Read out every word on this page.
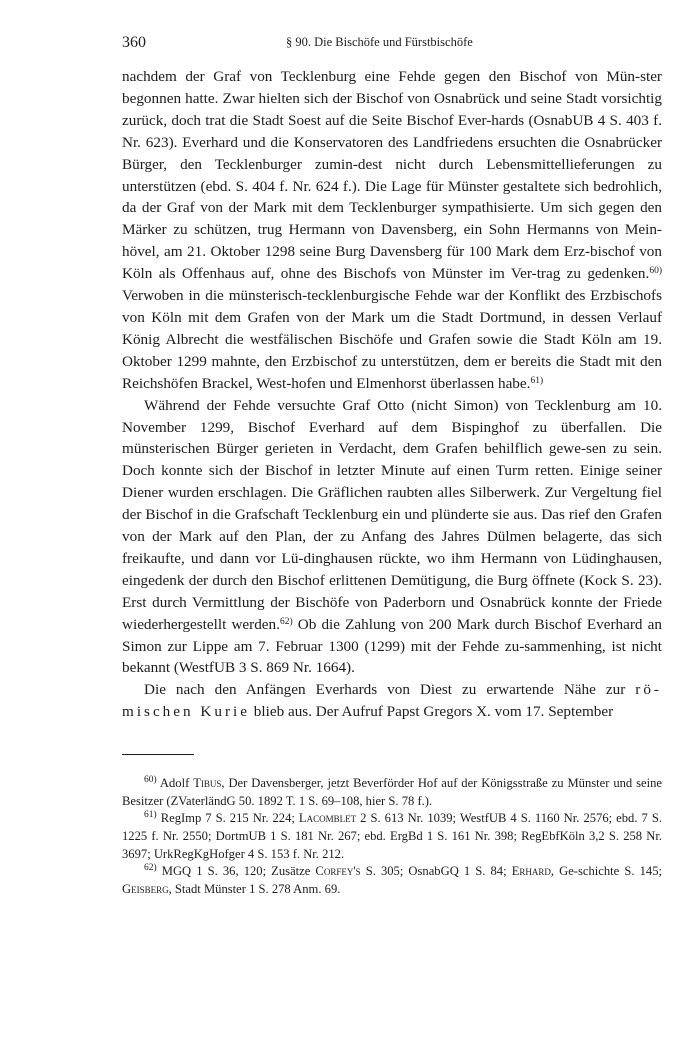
360	§ 90. Die Bischöfe und Fürstbischöfe

nachdem der Graf von Tecklenburg eine Fehde gegen den Bischof von Mün-ster begonnen hatte. Zwar hielten sich der Bischof von Osnabrück und seine Stadt vorsichtig zurück, doch trat die Stadt Soest auf die Seite Bischof Ever-hards (OsnabUB 4 S. 403 f. Nr. 623). Everhard und die Konservatoren des Landfriedens ersuchten die Osnabrücker Bürger, den Tecklenburger zumin-dest nicht durch Lebensmittellieferungen zu unterstützen (ebd. S. 404 f. Nr. 624 f.). Die Lage für Münster gestaltete sich bedrohlich, da der Graf von der Mark mit dem Tecklenburger sympathisierte. Um sich gegen den Märker zu schützen, trug Hermann von Davensberg, ein Sohn Hermanns von Mein-hövel, am 21. Oktober 1298 seine Burg Davensberg für 100 Mark dem Erz-bischof von Köln als Offenhaus auf, ohne des Bischofs von Münster im Ver-trag zu gedenken.$^{60)}$ Verwoben in die münsterisch-tecklenburgische Fehde war der Konflikt des Erzbischofs von Köln mit dem Grafen von der Mark um die Stadt Dortmund, in dessen Verlauf König Albrecht die westfälischen Bischöfe und Grafen sowie die Stadt Köln am 19. Oktober 1299 mahnte, den Erzbischof zu unterstützen, dem er bereits die Stadt mit den Reichshöfen Brackel, West-hofen und Elmenhorst überlassen habe.$^{61)}$

Während der Fehde versuchte Graf Otto (nicht Simon) von Tecklenburg am 10. November 1299, Bischof Everhard auf dem Bispinghof zu überfallen. Die münsterischen Bürger gerieten in Verdacht, dem Grafen behilflich gewe-sen zu sein. Doch konnte sich der Bischof in letzter Minute auf einen Turm retten. Einige seiner Diener wurden erschlagen. Die Gräflichen raubten alles Silberwerk. Zur Vergeltung fiel der Bischof in die Grafschaft Tecklenburg ein und plünderte sie aus. Das rief den Grafen von der Mark auf den Plan, der zu Anfang des Jahres Dülmen belagerte, das sich freikaufte, und dann vor Lü-dinghausen rückte, wo ihm Hermann von Lüdinghausen, eingedenk der durch den Bischof erlittenen Demütigung, die Burg öffnete (Kock S. 23). Erst durch Vermittlung der Bischöfe von Paderborn und Osnabrück konnte der Friede wiederhergestellt werden.$^{62)}$ Ob die Zahlung von 200 Mark durch Bischof Everhard an Simon zur Lippe am 7. Februar 1300 (1299) mit der Fehde zu-sammenhing, ist nicht bekannt (WestfUB 3 S. 869 Nr. 1664).

Die nach den Anfängen Everhards von Diest zu erwartende Nähe zur rö-mischen Kurie blieb aus. Der Aufruf Papst Gregors X. vom 17. September

$^{60)}$ Adolf Tibus, Der Davensberger, jetzt Beverförder Hof auf der Königsstraße zu Münster und seine Besitzer (ZVaterländG 50. 1892 T. 1 S. 69–108, hier S. 78 f.).

$^{61)}$ RegImp 7 S. 215 Nr. 224; Lacomblet 2 S. 613 Nr. 1039; WestfUB 4 S. 1160 Nr. 2576; ebd. 7 S. 1225 f. Nr. 2550; DortmUB 1 S. 181 Nr. 267; ebd. ErgBd 1 S. 161 Nr. 398; RegEbfKöln 3,2 S. 258 Nr. 3697; UrkRegKgHofger 4 S. 153 f. Nr. 212.

$^{62)}$ MGQ 1 S. 36, 120; Zusätze Corfey's S. 305; OsnabGQ 1 S. 84; Erhard, Ge-schichte S. 145; Geisberg, Stadt Münster 1 S. 278 Anm. 69.
